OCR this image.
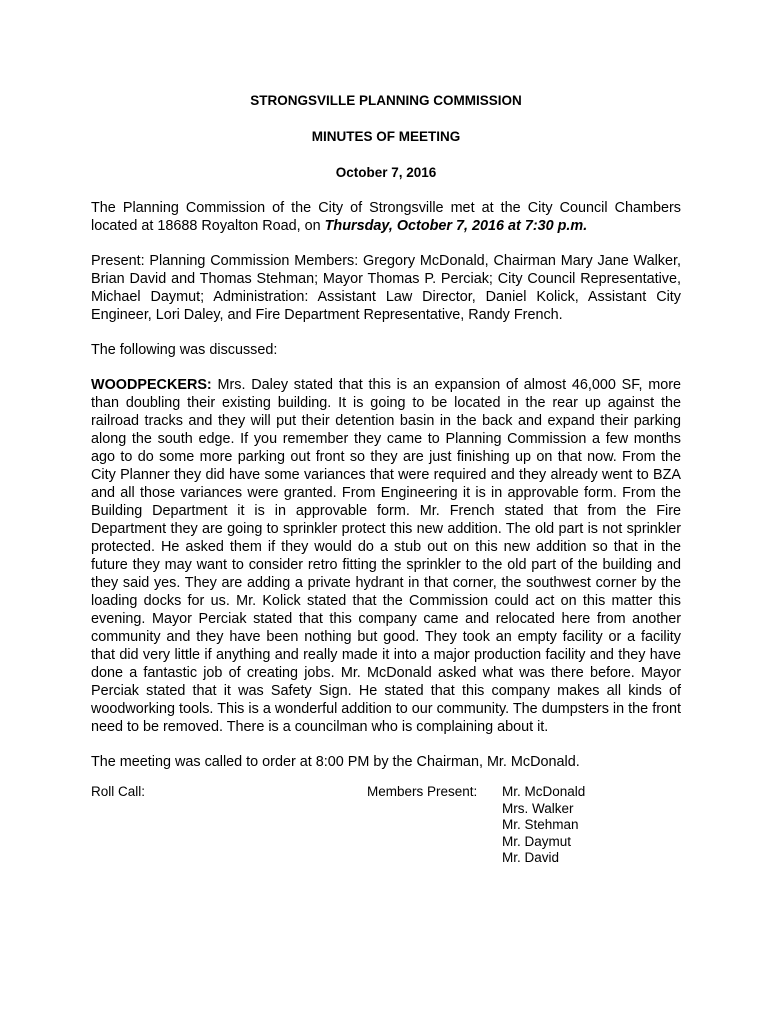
STRONGSVILLE PLANNING COMMISSION
MINUTES OF MEETING
October 7, 2016

The Planning Commission of the City of Strongsville met at the City Council Chambers located at 18688 Royalton Road, on Thursday, October 7, 2016 at 7:30 p.m.

Present: Planning Commission Members: Gregory McDonald, Chairman Mary Jane Walker, Brian David and Thomas Stehman; Mayor Thomas P. Perciak; City Council Representative, Michael Daymut; Administration: Assistant Law Director, Daniel Kolick, Assistant City Engineer, Lori Daley, and Fire Department Representative, Randy French.

The following was discussed:

WOODPECKERS: Mrs. Daley stated that this is an expansion of almost 46,000 SF, more than doubling their existing building. It is going to be located in the rear up against the railroad tracks and they will put their detention basin in the back and expand their parking along the south edge. If you remember they came to Planning Commission a few months ago to do some more parking out front so they are just finishing up on that now. From the City Planner they did have some variances that were required and they already went to BZA and all those variances were granted. From Engineering it is in approvable form. From the Building Department it is in approvable form. Mr. French stated that from the Fire Department they are going to sprinkler protect this new addition. The old part is not sprinkler protected. He asked them if they would do a stub out on this new addition so that in the future they may want to consider retro fitting the sprinkler to the old part of the building and they said yes. They are adding a private hydrant in that corner, the southwest corner by the loading docks for us. Mr. Kolick stated that the Commission could act on this matter this evening. Mayor Perciak stated that this company came and relocated here from another community and they have been nothing but good. They took an empty facility or a facility that did very little if anything and really made it into a major production facility and they have done a fantastic job of creating jobs. Mr. McDonald asked what was there before. Mayor Perciak stated that it was Safety Sign. He stated that this company makes all kinds of woodworking tools. This is a wonderful addition to our community. The dumpsters in the front need to be removed. There is a councilman who is complaining about it.

The meeting was called to order at 8:00 PM by the Chairman, Mr. McDonald.

Roll Call:	Members Present:	Mr. McDonald
Mrs. Walker
Mr. Stehman
Mr. Daymut
Mr. David
